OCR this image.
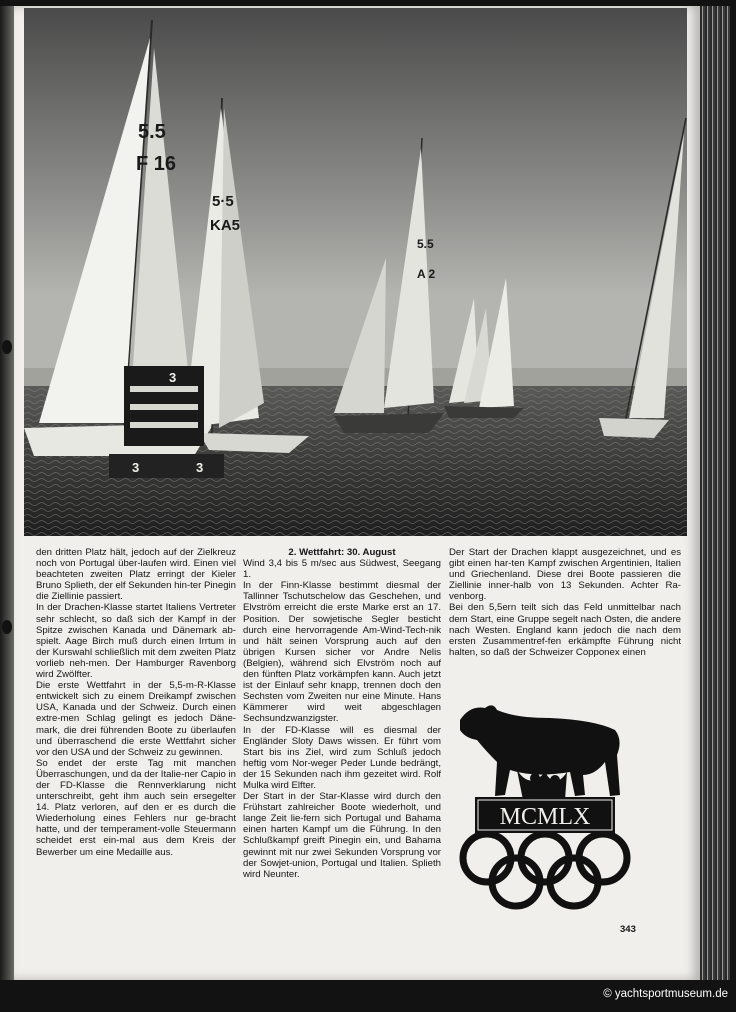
5.5
F 16
5·5
KA5
5.5
A 2
3
3	3

den dritten Platz hält, jedoch auf der Zielkreuz noch von Portugal über-laufen wird. Einen viel beachteten zweiten Platz erringt der Kieler Bruno Splieth, der elf Sekunden hin-ter Pinegin die Ziellinie passiert.

In der Drachen-Klasse startet Italiens Vertreter sehr schlecht, so daß sich der Kampf in der Spitze zwischen Kanada und Dänemark ab-spielt. Aage Birch muß durch einen Irrtum in der Kurswahl schließlich mit dem zweiten Platz vorlieb neh-men. Der Hamburger Ravenborg wird Zwölfter.

Die erste Wettfahrt in der 5,5-m-R-Klasse entwickelt sich zu einem Dreikampf zwischen USA, Kanada und der Schweiz. Durch einen extre-men Schlag gelingt es jedoch Däne-mark, die drei führenden Boote zu überlaufen und überraschend die erste Wettfahrt sicher vor den USA und der Schweiz zu gewinnen.

So endet der erste Tag mit manchen Überraschungen, und da der Italie-ner Capio in der FD-Klasse die Rennverklarung nicht unterschreibt, geht ihm auch sein ersegelter 14. Platz verloren, auf den er es durch die Wiederholung eines Fehlers nur ge-bracht hatte, und der temperament-volle Steuermann scheidet erst ein-mal aus dem Kreis der Bewerber um eine Medaille aus.

2. Wettfahrt: 30. August

Wind 3,4 bis 5 m/sec aus Südwest, Seegang 1.

In der Finn-Klasse bestimmt diesmal der Tallinner Tschutschelow das Geschehen, und Elvström erreicht die erste Marke erst an 17. Position. Der sowjetische Segler besticht durch eine hervorragende Am-Wind-Tech-nik und hält seinen Vorsprung auch auf den übrigen Kursen sicher vor Andre Nelis (Belgien), während sich Elvström noch auf den fünften Platz vorkämpfen kann. Auch jetzt ist der Einlauf sehr knapp, trennen doch den Sechsten vom Zweiten nur eine Minute. Hans Kämmerer wird weit abgeschlagen Sechsundzwanzigster.

In der FD-Klasse will es diesmal der Engländer Sloty Daws wissen. Er führt vom Start bis ins Ziel, wird zum Schluß jedoch heftig vom Nor-weger Peder Lunde bedrängt, der 15 Sekunden nach ihm gezeitet wird. Rolf Mulka wird Elfter.

Der Start in der Star-Klasse wird durch den Frühstart zahlreicher Boote wiederholt, und lange Zeit lie-fern sich Portugal und Bahama einen harten Kampf um die Führung. In den Schlußkampf greift Pinegin ein, und Bahama gewinnt mit nur zwei Sekunden Vorsprung vor der Sowjet-union, Portugal und Italien. Splieth wird Neunter.

Der Start der Drachen klappt ausgezeichnet, und es gibt einen har-ten Kampf zwischen Argentinien, Italien und Griechenland. Diese drei Boote passieren die Ziellinie inner-halb von 13 Sekunden. Achter Ra-venborg.

Bei den 5,5ern teilt sich das Feld unmittelbar nach dem Start, eine Gruppe segelt nach Osten, die andere nach Westen. England kann jedoch die nach dem ersten Zusammentref-fen erkämpfte Führung nicht halten, so daß der Schweizer Copponex einen

MCMLX
343
© yachtsportmuseum.de
